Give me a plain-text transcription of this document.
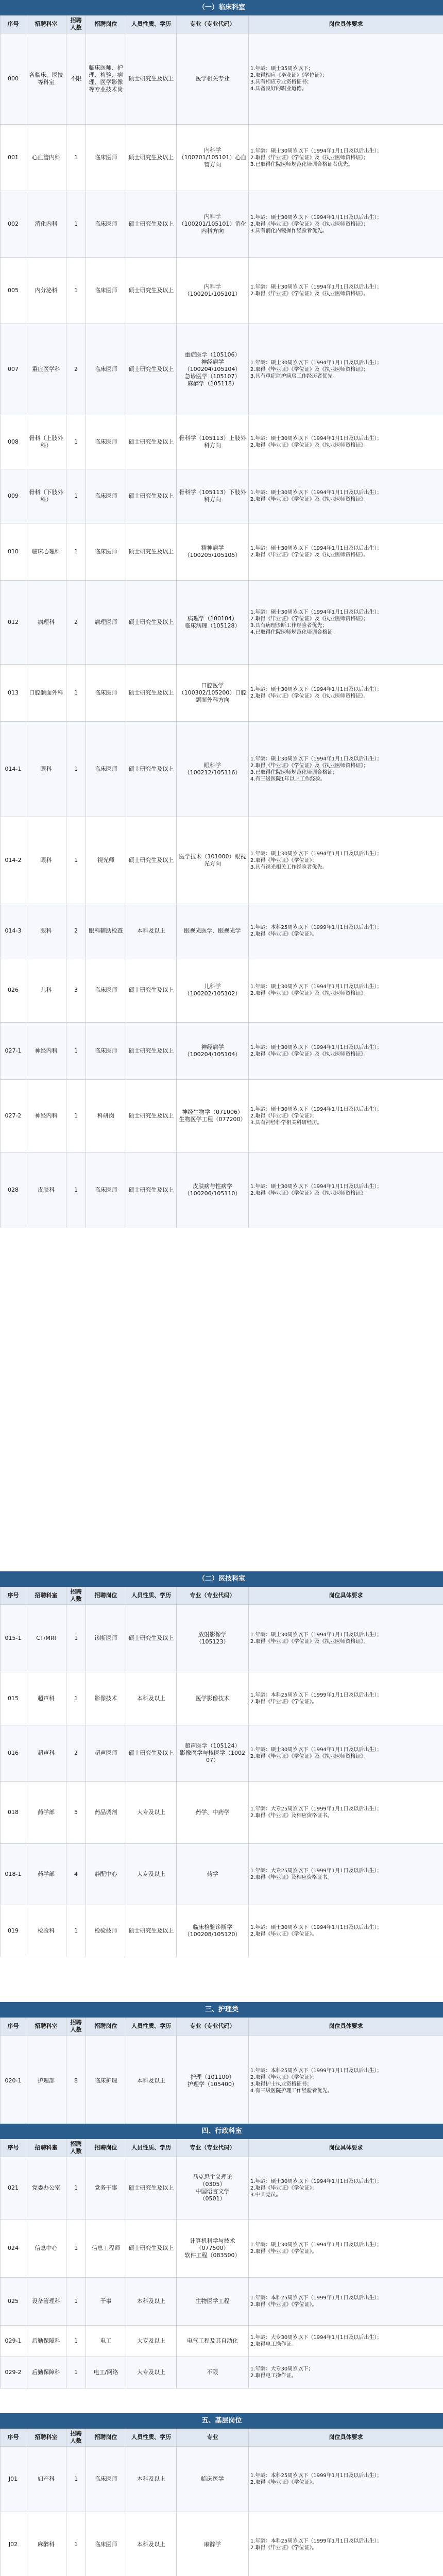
（一）临床科室						
序号	招聘科室	招聘人数	招聘岗位	人员性质、学历	专业（专业代码）	岗位具体要求
000	各临床、医技等科室	不限	临床医师、护理、检验、病理、医学影像等专业技术岗	硕士研究生及以上	医学相关专业	1.年龄：硕士35周岁以下；
2.取得相应《毕业证》《学位证》；
3.具有相应专业资格证书；
4.具备良好的职业道德。
001	心血管内科	1	临床医师	硕士研究生及以上	内科学
（100201/105101）心血管方向	1.年龄：硕士30周岁以下（1994年1月1日及以后出生）；
2.取得《毕业证》《学位证》及《执业医师资格证》；
3.已取得住院医师规范化培训合格证者优先。
002	消化内科	1	临床医师	硕士研究生及以上	内科学
（100201/105101）消化内科方向	1.年龄：硕士30周岁以下（1994年1月1日及以后出生）；
2.取得《毕业证》《学位证》及《执业医师资格证》；
3.具有消化内镜操作经验者优先。
005	内分泌科	1	临床医师	硕士研究生及以上	内科学
（100201/105101）	1.年龄：硕士30周岁以下（1994年1月1日及以后出生）；
2.取得《毕业证》《学位证》及《执业医师资格证》。
007	重症医学科	2	临床医师	硕士研究生及以上	重症医学（105106）
神经病学
（100204/105104）
急诊医学（105107）
麻醉学（105118）	1.年龄：硕士30周岁以下（1994年1月1日及以后出生）；
2.取得《毕业证》《学位证》及《执业医师资格证》；
3.具有重症监护病房工作经历者优先。
008	骨科（上肢外科）	1	临床医师	硕士研究生及以上	骨科学（105113）上肢外科方向	1.年龄：硕士30周岁以下（1994年1月1日及以后出生）；
2.取得《毕业证》《学位证》及《执业医师资格证》。
009	骨科（下肢外科）	1	临床医师	硕士研究生及以上	骨科学（105113）下肢外科方向	1.年龄：硕士30周岁以下（1994年1月1日及以后出生）；
2.取得《毕业证》《学位证》及《执业医师资格证》。
010	临床心理科	1	临床医师	硕士研究生及以上	精神病学
（100205/105105）	1.年龄：硕士30周岁以下（1994年1月1日及以后出生）；
2.取得《毕业证》《学位证》及《执业医师资格证》。
012	病理科	2	病理医师	硕士研究生及以上	病理学（100104）
临床病理（105128）	1.年龄：硕士30周岁以下（1994年1月1日及以后出生）；
2.取得《毕业证》《学位证》及《执业医师资格证》；
3.具有病理诊断工作经验者优先；
4.已取得住院医师规范化培训合格证。
013	口腔颌面外科	1	临床医师	硕士研究生及以上	口腔医学
（100302/105200）口腔颌面外科方向	1.年龄：硕士30周岁以下（1994年1月1日及以后出生）；
2.取得《毕业证》《学位证》及《执业医师资格证》。
014-1	眼科	1	临床医师	硕士研究生及以上	眼科学
（100212/105116）	1.年龄：硕士30周岁以下（1994年1月1日及以后出生）；
2.取得《毕业证》《学位证》及《执业医师资格证》；
3.已取得住院医师规范化培训合格证；
4.有三级医院1年以上工作经验。
014-2	眼科	1	视光师	硕士研究生及以上	医学技术（101000）眼视光方向	1.年龄：硕士30周岁以下（1994年1月1日及以后出生）；
2.取得《毕业证》《学位证》；
3.具有视光相关工作经验者优先。
014-3	眼科	2	眼科辅助检查	本科及以上	眼视光医学、眼视光学	1.年龄：本科25周岁以下（1999年1月1日及以后出生）；
2.取得《毕业证》《学位证》。
026	儿科	3	临床医师	硕士研究生及以上	儿科学
（100202/105102）	1.年龄：硕士30周岁以下（1994年1月1日及以后出生）；
2.取得《毕业证》《学位证》及《执业医师资格证》。
027-1	神经内科	1	临床医师	硕士研究生及以上	神经病学
（100204/105104）	1.年龄：硕士30周岁以下（1994年1月1日及以后出生）；
2.取得《毕业证》《学位证》及《执业医师资格证》。
027-2	神经内科	1	科研岗	硕士研究生及以上	神经生物学（071006）
生物医学工程（077200）	1.年龄：硕士30周岁以下（1994年1月1日及以后出生）；
2.取得《毕业证》《学位证》；
3.具有神经科学相关科研经历。
028	皮肤科	1	临床医师	硕士研究生及以上	皮肤病与性病学
（100206/105110）	1.年龄：硕士30周岁以下（1994年1月1日及以后出生）；
2.取得《毕业证》《学位证》及《执业医师资格证》。
（二）医技科室						
序号	招聘科室	招聘人数	招聘岗位	人员性质、学历	专业（专业代码）	岗位具体要求
015-1	CT/MRI	1	诊断医师	硕士研究生及以上	放射影像学
（105123）	1.年龄：硕士30周岁以下（1994年1月1日及以后出生）；
2.取得《毕业证》《学位证》及《执业医师资格证》。
015	超声科	1	影像技术	本科及以上	医学影像技术	1.年龄：本科25周岁以下（1999年1月1日及以后出生）；
2.取得《毕业证》《学位证》。
016	超声科	2	超声医师	硕士研究生及以上	超声医学（105124）
影像医学与核医学（100207）	1.年龄：硕士30周岁以下（1994年1月1日及以后出生）；
2.取得《毕业证》《学位证》及《执业医师资格证》。
018	药学部	5	药品调剂	大专及以上	药学、中药学	1.年龄：大专25周岁以下（1999年1月1日及以后出生）；
2.取得《毕业证》及相应资格证书。
018-1	药学部	4	静配中心	大专及以上	药学	1.年龄：大专25周岁以下（1999年1月1日及以后出生）；
2.取得《毕业证》及相应资格证书。
019	检验科	1	检验技师	硕士研究生及以上	临床检验诊断学
（100208/105120）	1.年龄：硕士30周岁以下（1994年1月1日及以后出生）；
2.取得《毕业证》《学位证》。
三、护理类						
序号	招聘科室	招聘人数	招聘岗位	人员性质、学历	专业（专业代码）	岗位具体要求
020-1	护理部	8	临床护理	本科及以上	护理（101100）
护理学（105400）	1.年龄：本科25周岁以下（1999年1月1日及以后出生）；
2.取得《毕业证》《学位证》；
3.取得护士执业资格证书；
4.有三级医院护理工作经验者优先。
四、行政科室						
序号	招聘科室	招聘人数	招聘岗位	人员性质、学历	专业（专业代码）	岗位具体要求
021	党委办公室	1	党务干事	硕士研究生及以上	马克思主义理论
（0305）
中国语言文学
（0501）	1.年龄：硕士30周岁以下（1994年1月1日及以后出生）；
2.取得《毕业证》《学位证》；
3.中共党员。
024	信息中心	1	信息工程师	硕士研究生及以上	计算机科学与技术
（077500）
软件工程（083500）	1.年龄：硕士30周岁以下（1994年1月1日及以后出生）；
2.取得《毕业证》《学位证》。
025	设备管理科	1	干事	本科及以上	生物医学工程	1.年龄：本科25周岁以下（1999年1月1日及以后出生）；
2.取得《毕业证》《学位证》。
029-1	后勤保障科	1	电工	大专及以上	电气工程及其自动化	1.年龄：大专30周岁以下（1994年1月1日及以后出生）；
2.取得电工操作证。
029-2	后勤保障科	1	电工/网络	大专及以上	不限	1.年龄：大专30周岁以下；
2.取得电工操作证。
五、基层岗位						
序号	招聘科室	招聘人数	招聘岗位	人员性质、学历	专业	岗位具体要求
J01	妇产科	1	临床医师	本科及以上	临床医学	1.年龄：本科25周岁以下（1999年1月1日及以后出生）；
2.取得《毕业证》《学位证》。
J02	麻醉科	1	临床医师	本科及以上	麻醉学	1.年龄：本科25周岁以下（1999年1月1日及以后出生）；
2.取得《毕业证》《学位证》。
